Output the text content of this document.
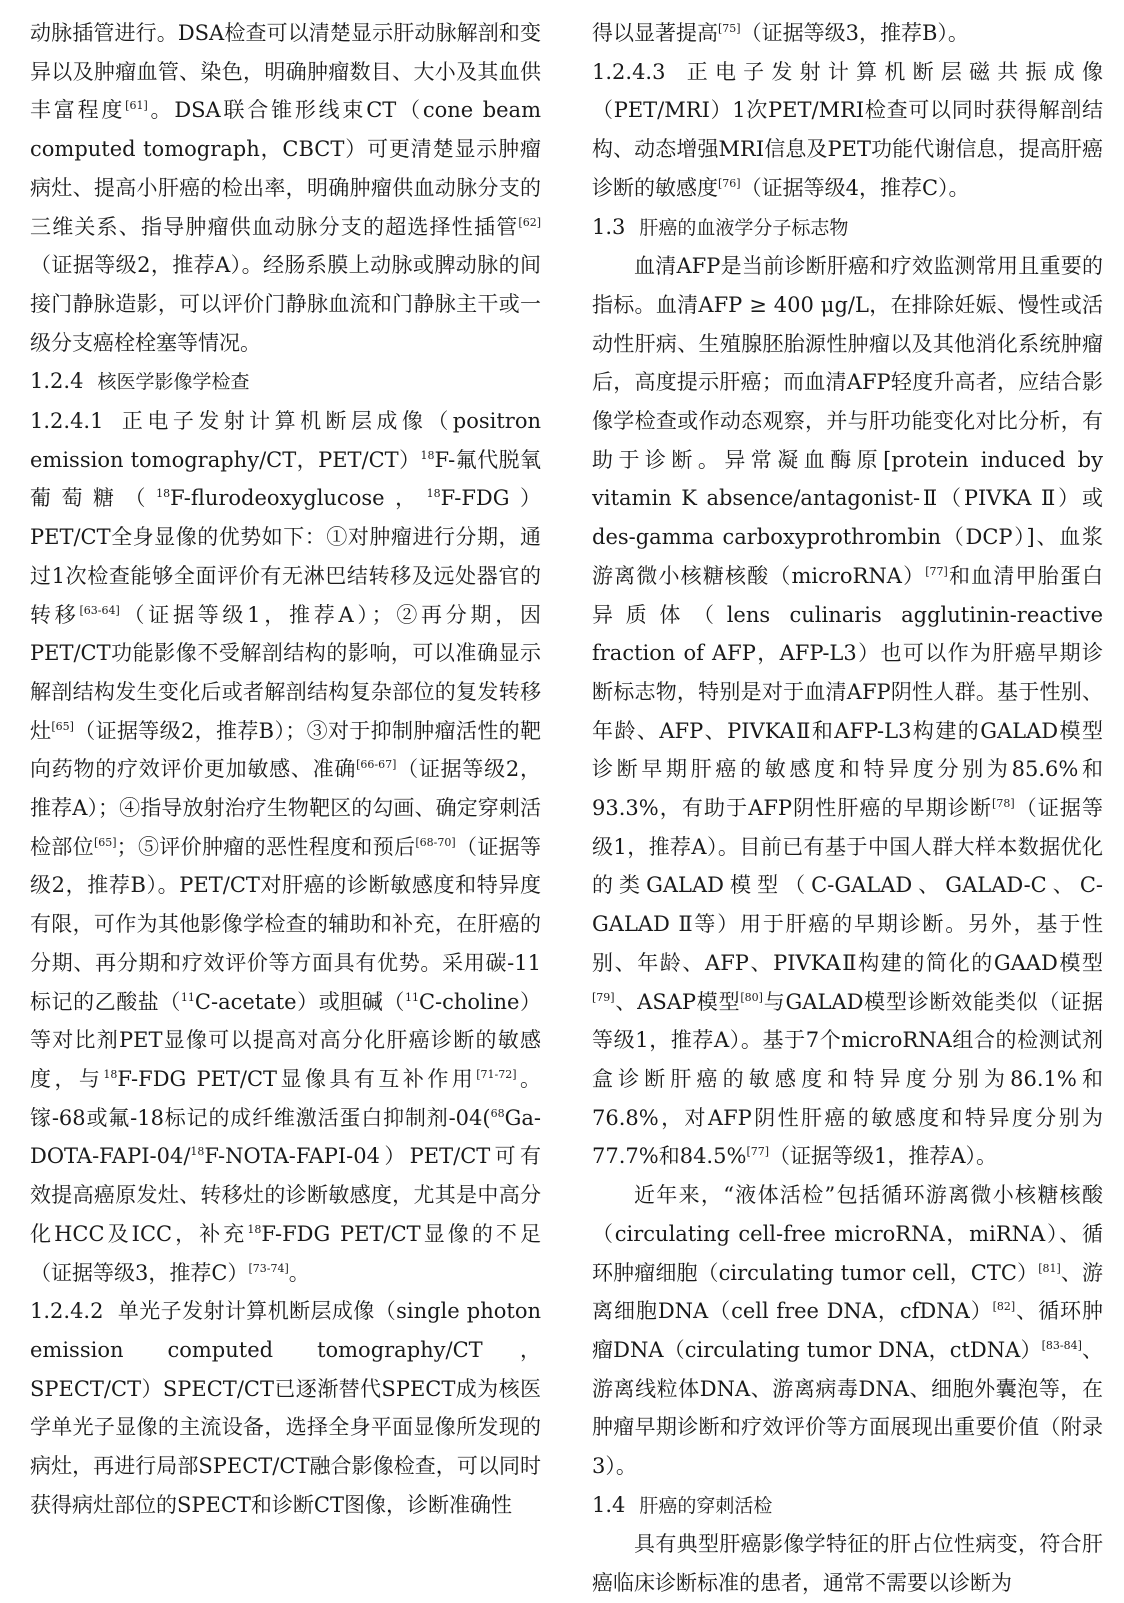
动脉插管进行。DSA检查可以清楚显示肝动脉解剖和变异以及肿瘤血管、染色，明确肿瘤数目、大小及其血供丰富程度[61]。DSA联合锥形线束CT（cone beam computed tomograph，CBCT）可更清楚显示肿瘤病灶、提高小肝癌的检出率，明确肿瘤供血动脉分支的三维关系、指导肿瘤供血动脉分支的超选择性插管[62]（证据等级2，推荐A）。经肠系膜上动脉或脾动脉的间接门静脉造影，可以评价门静脉血流和门静脉主干或一级分支癌栓栓塞等情况。

1.2.4 核医学影像学检查

1.2.4.1 正电子发射计算机断层成像（positron emission tomography/CT，PET/CT）$^{18}$F-氟代脱氧葡萄糖（$^{18}$F-flurodeoxyglucose，$^{18}$F-FDG）PET/CT全身显像的优势如下：①对肿瘤进行分期，通过1次检查能够全面评价有无淋巴结转移及远处器官的转移[63-64]（证据等级1，推荐A）；②再分期，因PET/CT功能影像不受解剖结构的影响，可以准确显示解剖结构发生变化后或者解剖结构复杂部位的复发转移灶[65]（证据等级2，推荐B）；③对于抑制肿瘤活性的靶向药物的疗效评价更加敏感、准确[66-67]（证据等级2，推荐A）；④指导放射治疗生物靶区的勾画、确定穿刺活检部位[65]；⑤评价肿瘤的恶性程度和预后[68-70]（证据等级2，推荐B）。PET/CT对肝癌的诊断敏感度和特异度有限，可作为其他影像学检查的辅助和补充，在肝癌的分期、再分期和疗效评价等方面具有优势。采用碳-11标记的乙酸盐（$^{11}$C-acetate）或胆碱（$^{11}$C-choline）等对比剂PET显像可以提高对高分化肝癌诊断的敏感度，与$^{18}$F-FDG PET/CT显像具有互补作用[71-72]。镓-68或氟-18标记的成纤维激活蛋白抑制剂-04($^{68}$Ga-DOTA-FAPI-04/$^{18}$F-NOTA-FAPI-04）PET/CT可有效提高癌原发灶、转移灶的诊断敏感度，尤其是中高分化HCC及ICC，补充$^{18}$F-FDG PET/CT显像的不足（证据等级3，推荐C）[73-74]。

1.2.4.2 单光子发射计算机断层成像（single photon emission computed tomography/CT，SPECT/CT）SPECT/CT已逐渐替代SPECT成为核医学单光子显像的主流设备，选择全身平面显像所发现的病灶，再进行局部SPECT/CT融合影像检查，可以同时获得病灶部位的SPECT和诊断CT图像，诊断准确性

得以显著提高[75]（证据等级3，推荐B）。

1.2.4.3 正电子发射计算机断层磁共振成像（PET/MRI）1次PET/MRI检查可以同时获得解剖结构、动态增强MRI信息及PET功能代谢信息，提高肝癌诊断的敏感度[76]（证据等级4，推荐C）。

1.3 肝癌的血液学分子标志物

血清AFP是当前诊断肝癌和疗效监测常用且重要的指标。血清AFP ≥ 400 μg/L，在排除妊娠、慢性或活动性肝病、生殖腺胚胎源性肿瘤以及其他消化系统肿瘤后，高度提示肝癌；而血清AFP轻度升高者，应结合影像学检查或作动态观察，并与肝功能变化对比分析，有助于诊断。异常凝血酶原[protein induced by vitamin K absence/antagonist-Ⅱ（PIVKA Ⅱ）或des-gamma carboxyprothrombin（DCP）]、血浆游离微小核糖核酸（microRNA）[77]和血清甲胎蛋白异质体（lens culinaris agglutinin-reactive fraction of AFP，AFP-L3）也可以作为肝癌早期诊断标志物，特别是对于血清AFP阴性人群。基于性别、年龄、AFP、PIVKAⅡ和AFP-L3构建的GALAD模型诊断早期肝癌的敏感度和特异度分别为85.6%和93.3%，有助于AFP阴性肝癌的早期诊断[78]（证据等级1，推荐A）。目前已有基于中国人群大样本数据优化的类GALAD模型（C-GALAD、GALAD-C、C-GALAD Ⅱ等）用于肝癌的早期诊断。另外，基于性别、年龄、AFP、PIVKAⅡ构建的简化的GAAD模型[79]、ASAP模型[80]与GALAD模型诊断效能类似（证据等级1，推荐A）。基于7个microRNA组合的检测试剂盒诊断肝癌的敏感度和特异度分别为86.1%和76.8%，对AFP阴性肝癌的敏感度和特异度分别为77.7%和84.5%[77]（证据等级1，推荐A）。

近年来，“液体活检”包括循环游离微小核糖核酸（circulating cell-free microRNA，miRNA）、循环肿瘤细胞（circulating tumor cell，CTC）[81]、游离细胞DNA（cell free DNA，cfDNA）[82]、循环肿瘤DNA（circulating tumor DNA，ctDNA）[83-84]、游离线粒体DNA、游离病毒DNA、细胞外囊泡等，在肿瘤早期诊断和疗效评价等方面展现出重要价值（附录3）。

1.4 肝癌的穿刺活检

具有典型肝癌影像学特征的肝占位性病变，符合肝癌临床诊断标准的患者，通常不需要以诊断为
